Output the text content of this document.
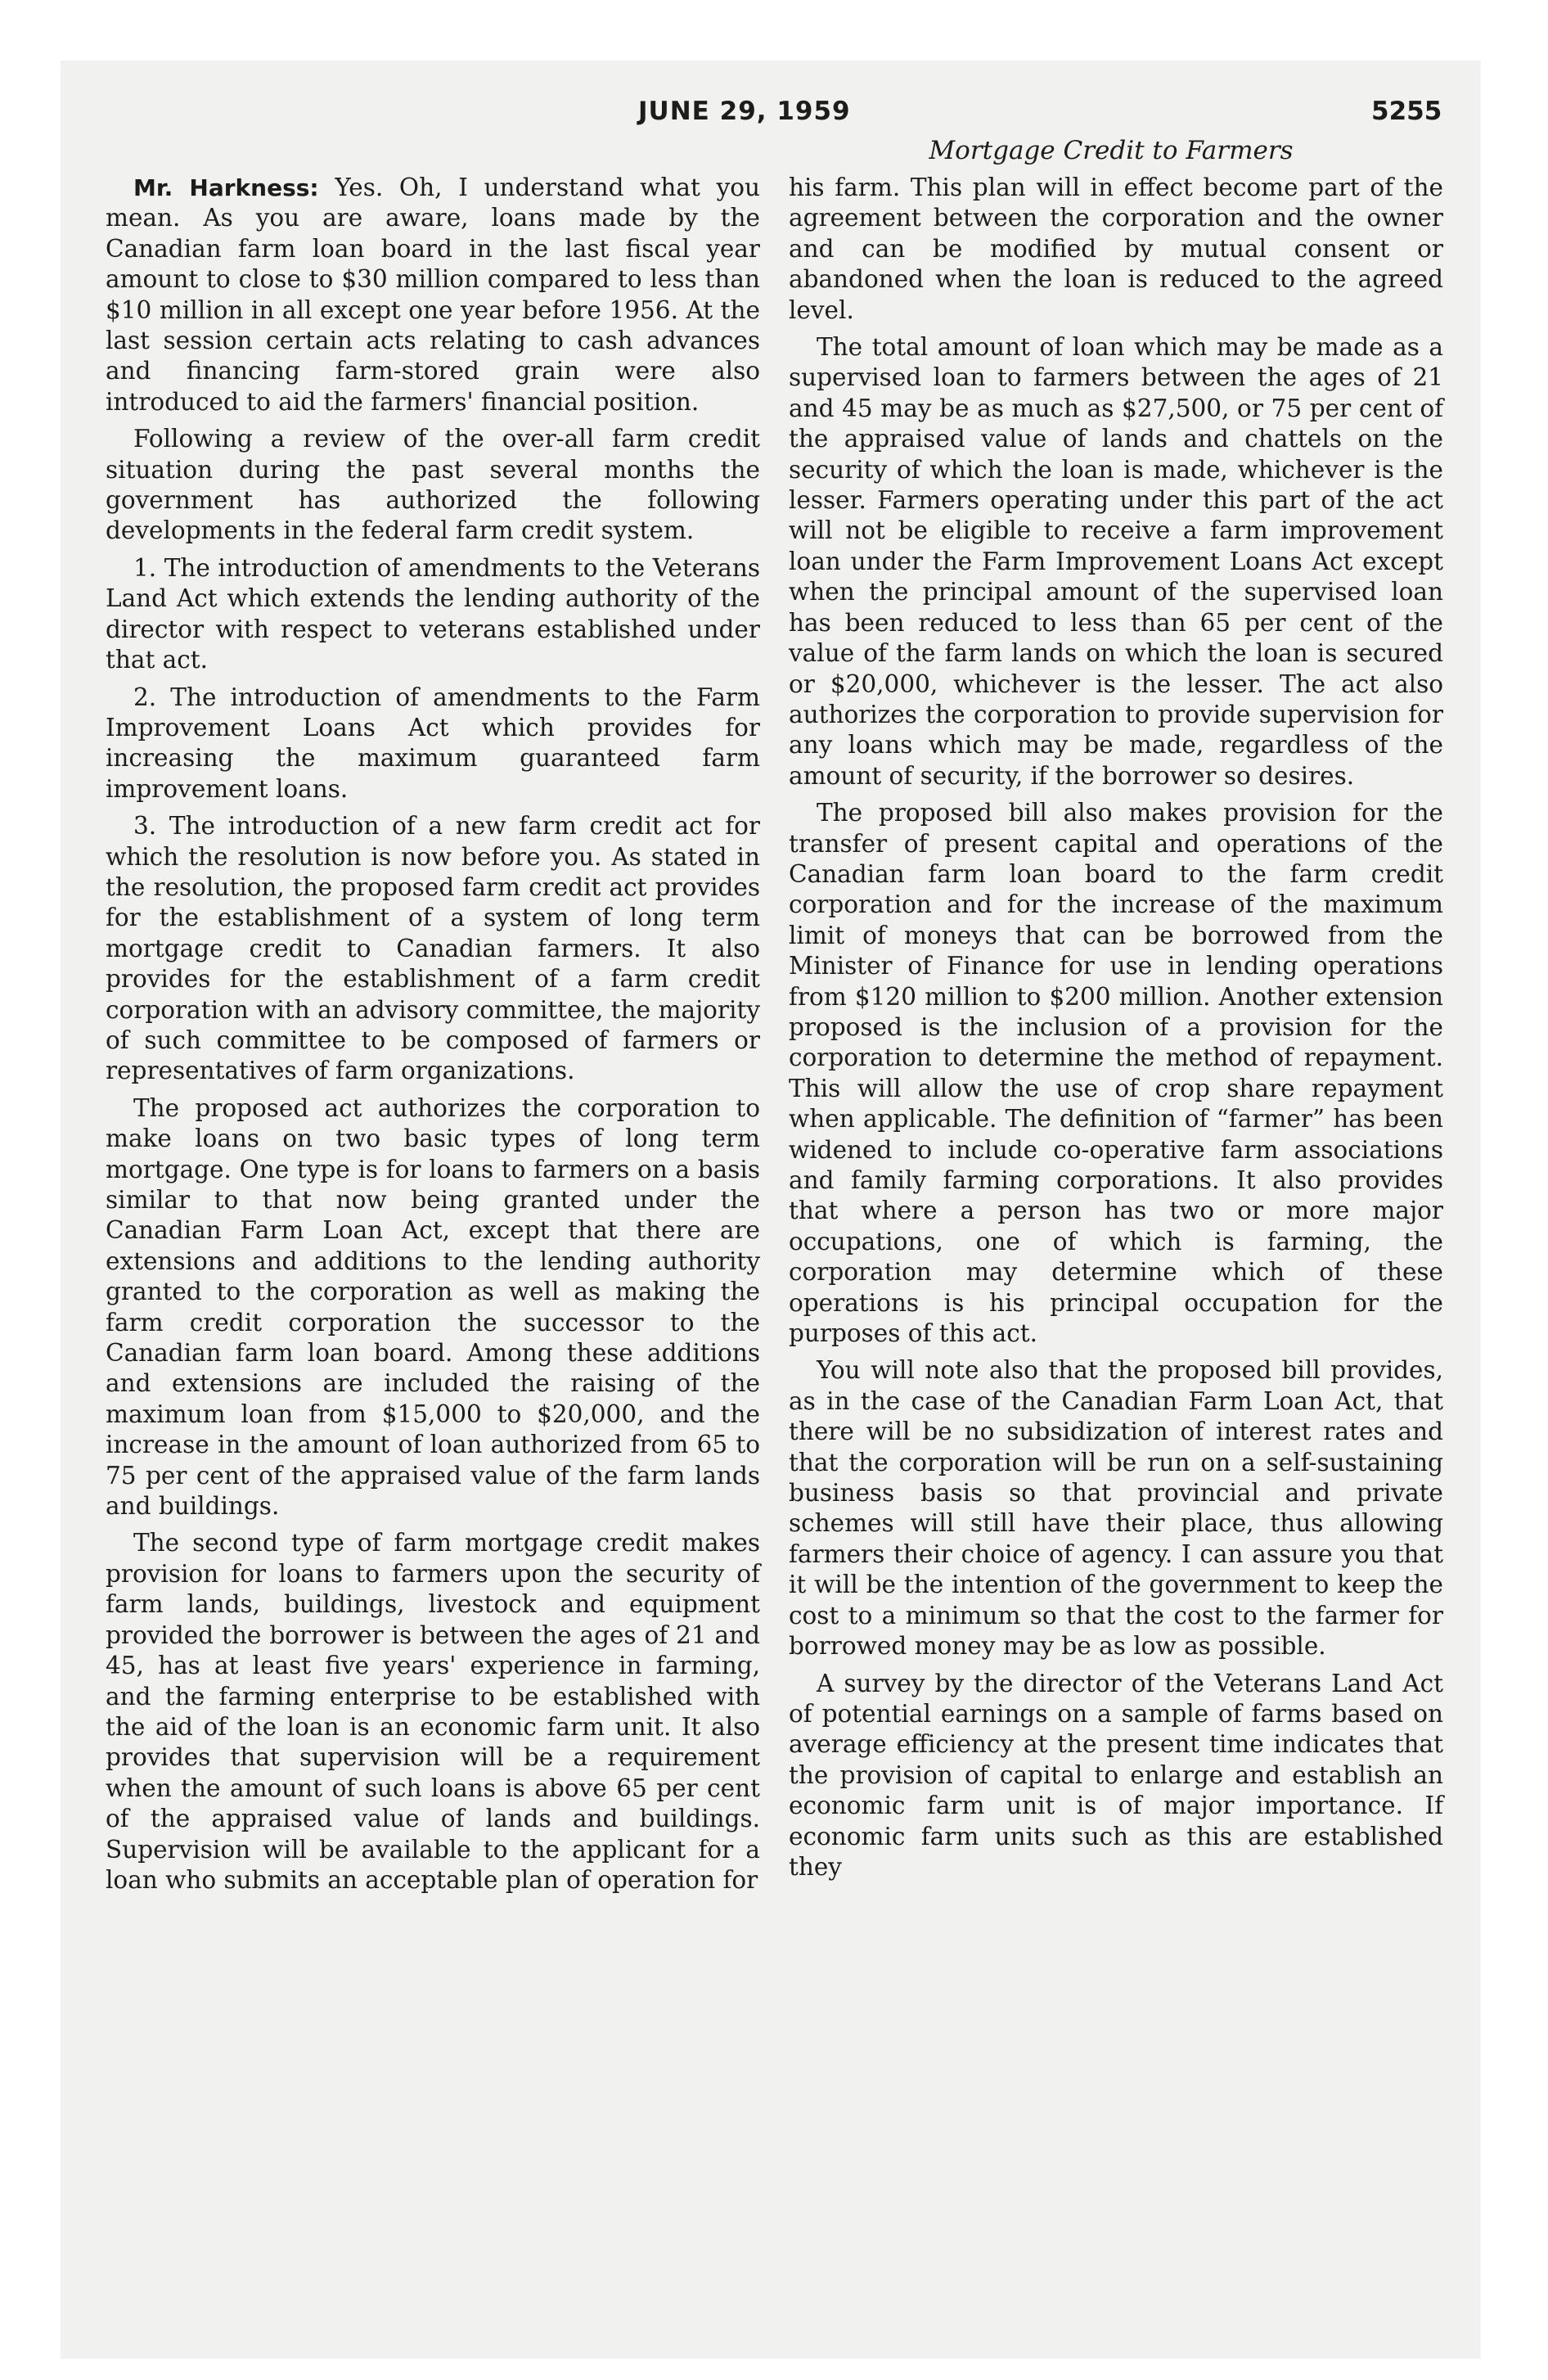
JUNE 29, 1959	5255
Mortgage Credit to Farmers

Mr. Harkness: Yes. Oh, I understand what you mean. As you are aware, loans made by the Canadian farm loan board in the last fiscal year amount to close to $30 million compared to less than $10 million in all except one year before 1956. At the last session certain acts relating to cash advances and financing farm-stored grain were also introduced to aid the farmers' financial position.

Following a review of the over-all farm credit situation during the past several months the government has authorized the following developments in the federal farm credit system.

1. The introduction of amendments to the Veterans Land Act which extends the lending authority of the director with respect to veterans established under that act.

2. The introduction of amendments to the Farm Improvement Loans Act which provides for increasing the maximum guaranteed farm improvement loans.

3. The introduction of a new farm credit act for which the resolution is now before you. As stated in the resolution, the proposed farm credit act provides for the establishment of a system of long term mortgage credit to Canadian farmers. It also provides for the establishment of a farm credit corporation with an advisory committee, the majority of such committee to be composed of farmers or representatives of farm organizations.

The proposed act authorizes the corporation to make loans on two basic types of long term mortgage. One type is for loans to farmers on a basis similar to that now being granted under the Canadian Farm Loan Act, except that there are extensions and additions to the lending authority granted to the corporation as well as making the farm credit corporation the successor to the Canadian farm loan board. Among these additions and extensions are included the raising of the maximum loan from $15,000 to $20,000, and the increase in the amount of loan authorized from 65 to 75 per cent of the appraised value of the farm lands and buildings.

The second type of farm mortgage credit makes provision for loans to farmers upon the security of farm lands, buildings, livestock and equipment provided the borrower is between the ages of 21 and 45, has at least five years' experience in farming, and the farming enterprise to be established with the aid of the loan is an economic farm unit. It also provides that supervision will be a requirement when the amount of such loans is above 65 per cent of the appraised value of lands and buildings. Supervision will be available to the applicant for a loan who submits an acceptable plan of operation for

his farm. This plan will in effect become part of the agreement between the corporation and the owner and can be modified by mutual consent or abandoned when the loan is reduced to the agreed level.

The total amount of loan which may be made as a supervised loan to farmers between the ages of 21 and 45 may be as much as $27,500, or 75 per cent of the appraised value of lands and chattels on the security of which the loan is made, whichever is the lesser. Farmers operating under this part of the act will not be eligible to receive a farm improvement loan under the Farm Improvement Loans Act except when the principal amount of the supervised loan has been reduced to less than 65 per cent of the value of the farm lands on which the loan is secured or $20,000, whichever is the lesser. The act also authorizes the corporation to provide supervision for any loans which may be made, regardless of the amount of security, if the borrower so desires.

The proposed bill also makes provision for the transfer of present capital and operations of the Canadian farm loan board to the farm credit corporation and for the increase of the maximum limit of moneys that can be borrowed from the Minister of Finance for use in lending operations from $120 million to $200 million. Another extension proposed is the inclusion of a provision for the corporation to determine the method of repayment. This will allow the use of crop share repayment when applicable. The definition of “farmer” has been widened to include co-operative farm associations and family farming corporations. It also provides that where a person has two or more major occupations, one of which is farming, the corporation may determine which of these operations is his principal occupation for the purposes of this act.

You will note also that the proposed bill provides, as in the case of the Canadian Farm Loan Act, that there will be no subsidization of interest rates and that the corporation will be run on a self-sustaining business basis so that provincial and private schemes will still have their place, thus allowing farmers their choice of agency. I can assure you that it will be the intention of the government to keep the cost to a minimum so that the cost to the farmer for borrowed money may be as low as possible.

A survey by the director of the Veterans Land Act of potential earnings on a sample of farms based on average efficiency at the present time indicates that the provision of capital to enlarge and establish an economic farm unit is of major importance. If economic farm units such as this are established they
